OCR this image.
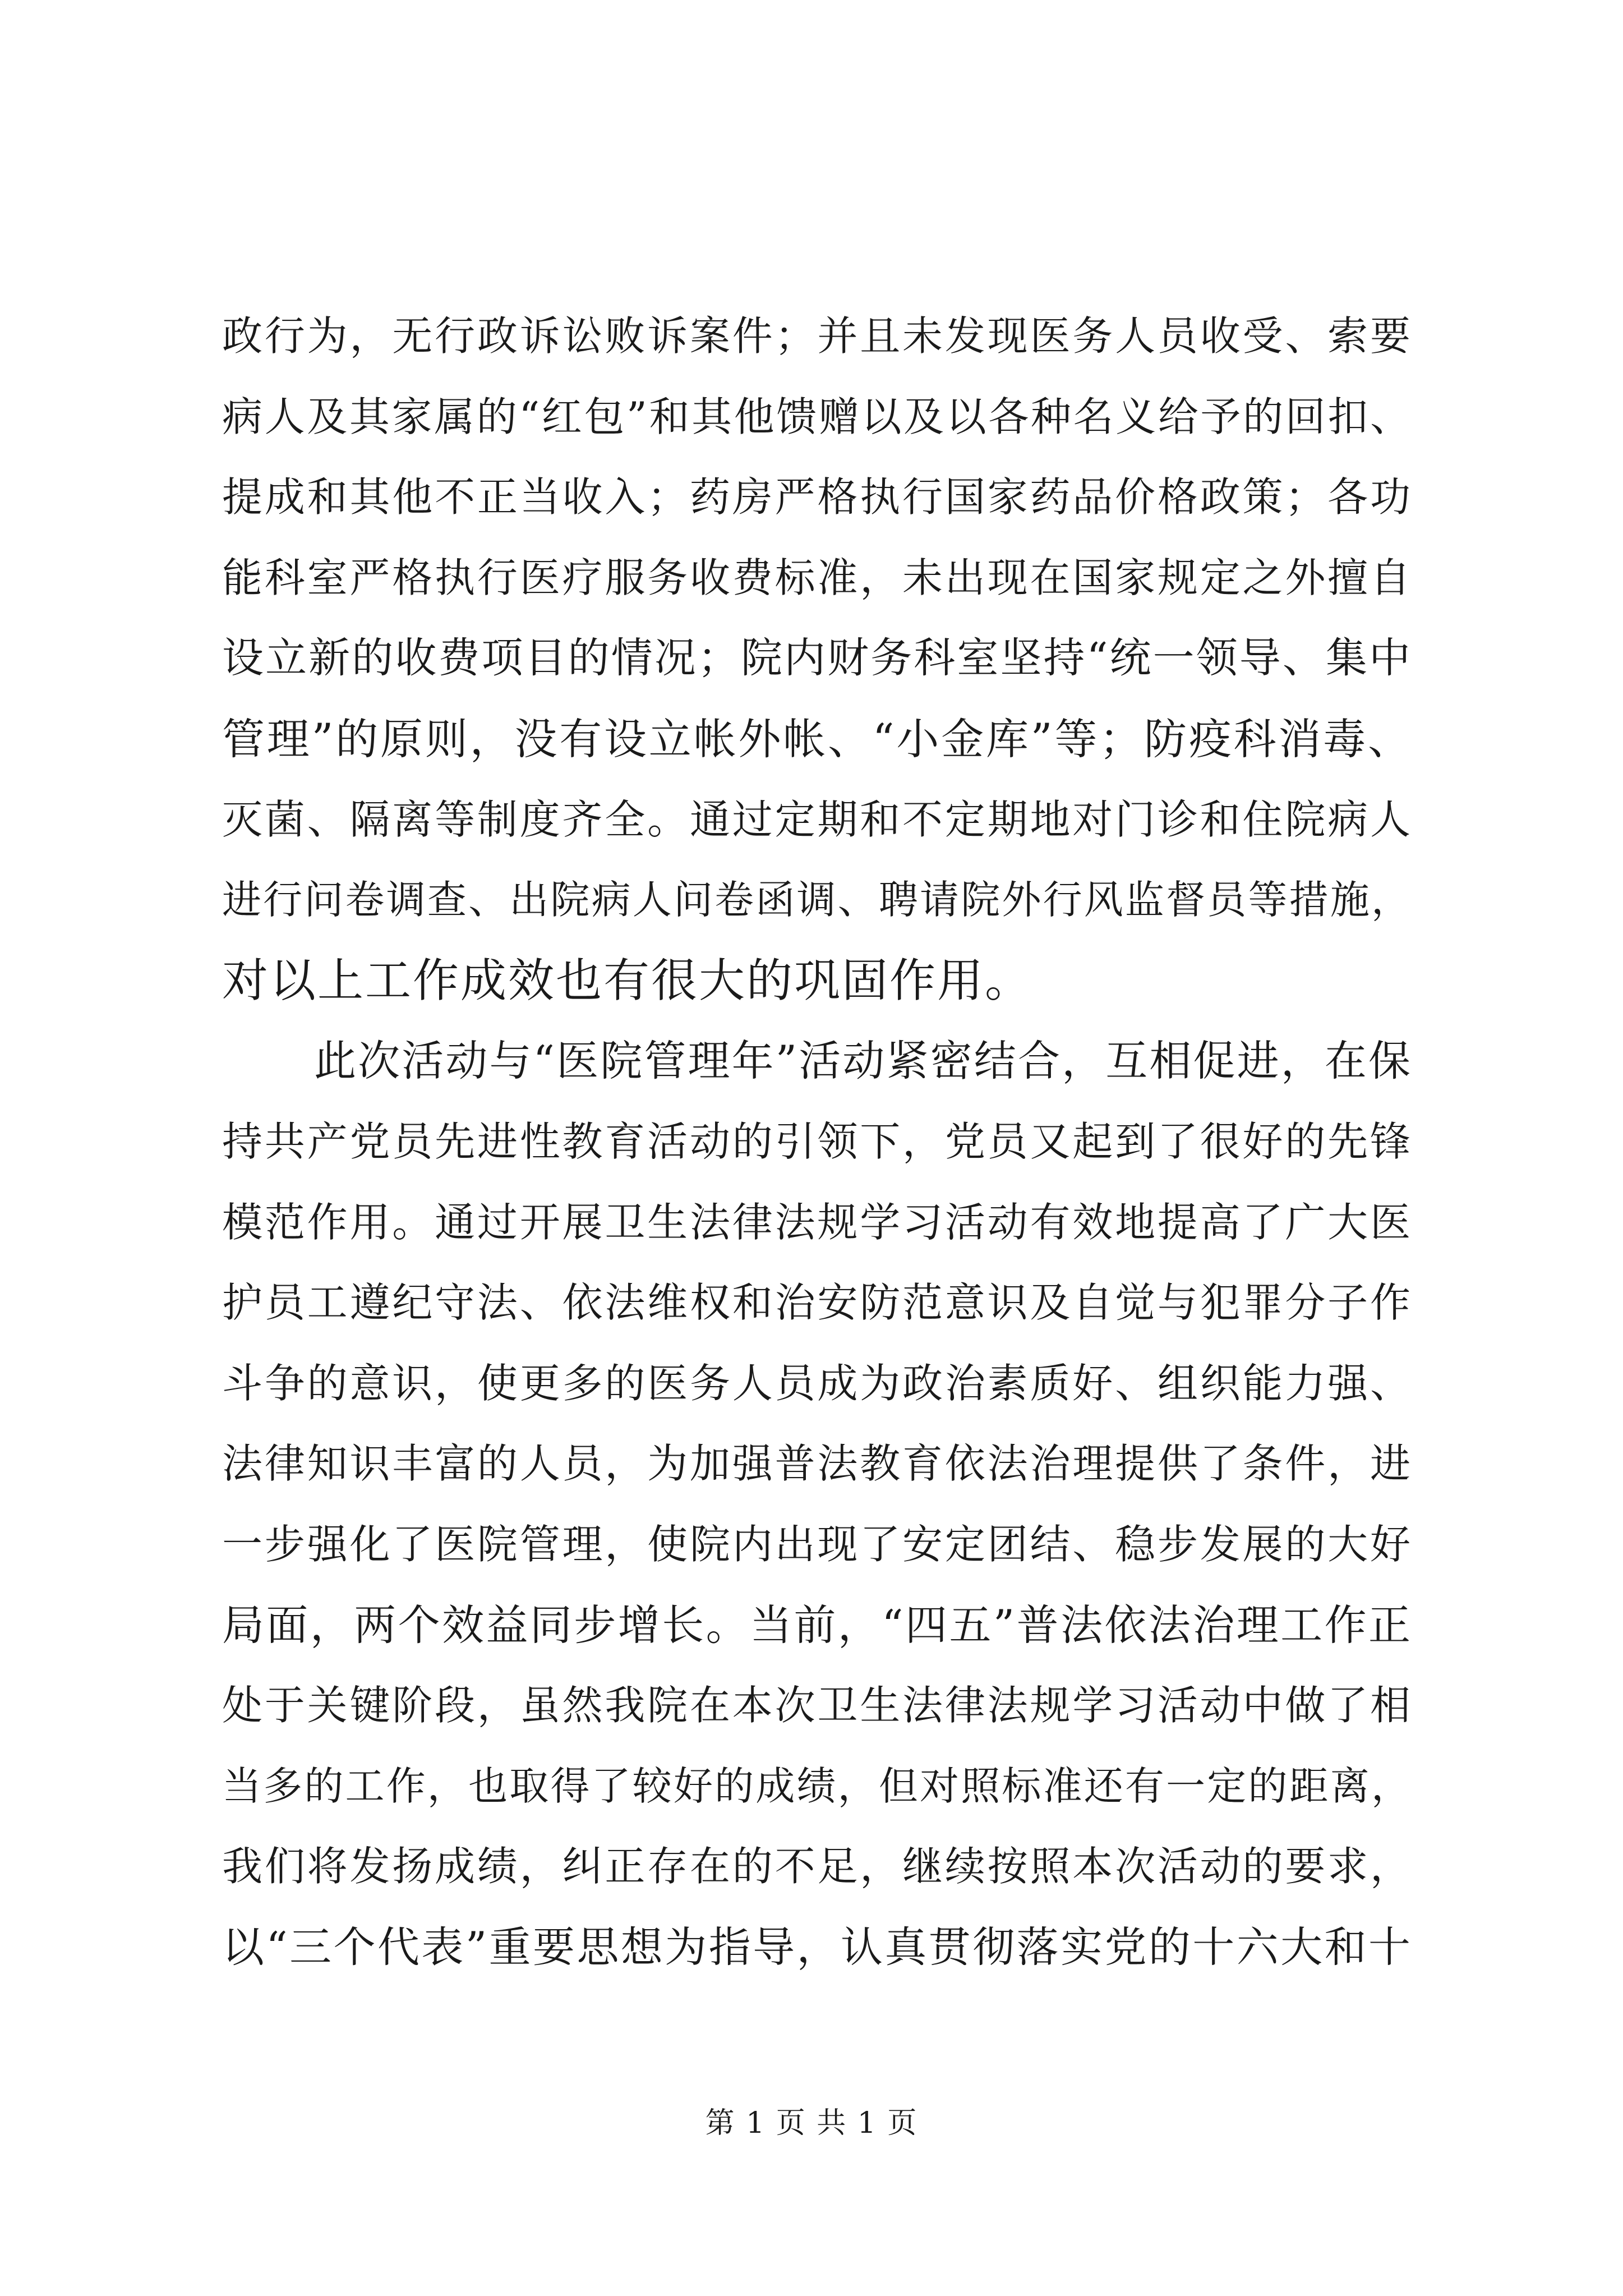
政行为，无行政诉讼败诉案件；并且未发现医务人员收受、索要
病人及其家属的“红包”和其他馈赠以及以各种名义给予的回扣、
提成和其他不正当收入；药房严格执行国家药品价格政策；各功
能科室严格执行医疗服务收费标准，未出现在国家规定之外擅自
设立新的收费项目的情况；院内财务科室坚持“统一领导、集中
管理”的原则，没有设立帐外帐、“小金库”等；防疫科消毒、
灭菌、隔离等制度齐全。通过定期和不定期地对门诊和住院病人
进行问卷调查、出院病人问卷函调、聘请院外行风监督员等措施，
对以上工作成效也有很大的巩固作用。
此次活动与“医院管理年”活动紧密结合，互相促进，在保
持共产党员先进性教育活动的引领下，党员又起到了很好的先锋
模范作用。通过开展卫生法律法规学习活动有效地提高了广大医
护员工遵纪守法、依法维权和治安防范意识及自觉与犯罪分子作
斗争的意识，使更多的医务人员成为政治素质好、组织能力强、
法律知识丰富的人员，为加强普法教育依法治理提供了条件，进
一步强化了医院管理，使院内出现了安定团结、稳步发展的大好
局面，两个效益同步增长。当前，“四五”普法依法治理工作正
处于关键阶段，虽然我院在本次卫生法律法规学习活动中做了相
当多的工作，也取得了较好的成绩，但对照标准还有一定的距离，
我们将发扬成绩，纠正存在的不足，继续按照本次活动的要求，
以“三个代表”重要思想为指导，认真贯彻落实党的十六大和十
第 1 页 共 1 页
